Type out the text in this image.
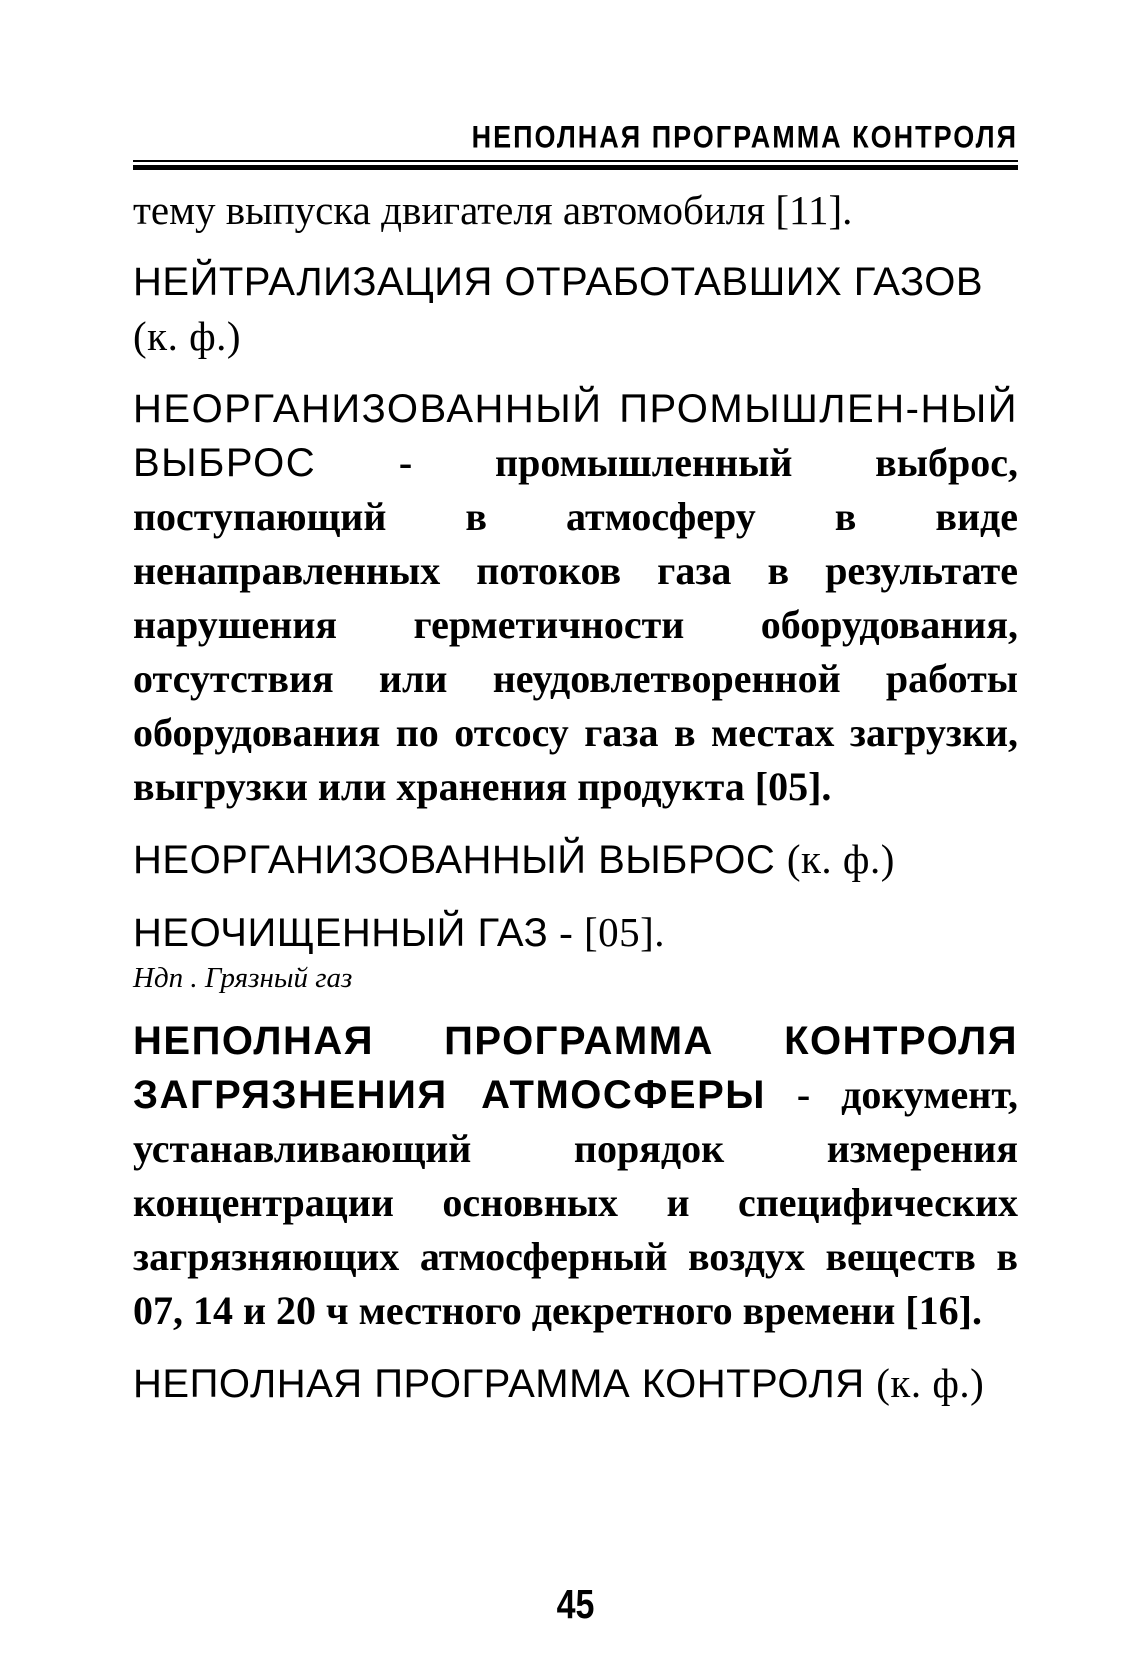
НЕПОЛНАЯ ПРОГРАММА КОНТРОЛЯ

тему выпуска двигателя автомобиля [11].

НЕЙТРАЛИЗАЦИЯ ОТРАБОТАВШИХ ГАЗОВ

(к. ф.)

НЕОРГАНИЗОВАННЫЙ ПРОМЫШЛЕН-НЫЙ ВЫБРОС - промышленный выброс, поступающий в атмосферу в виде ненаправленных потоков газа в результате нарушения герметичности оборудования, отсутствия или неудовлетворенной работы оборудования по отсосу газа в местах загрузки, выгрузки или хранения продукта [05].

НЕОРГАНИЗОВАННЫЙ ВЫБРОС (к. ф.)

НЕОЧИЩЕННЫЙ ГАЗ - [05].

Ндп . Грязный газ

НЕПОЛНАЯ ПРОГРАММА КОНТРОЛЯ ЗАГРЯЗНЕНИЯ АТМОСФЕРЫ - документ, устанавливающий порядок измерения концентрации основных и специфических загрязняющих атмосферный воздух веществ в 07, 14 и 20 ч местного декретного времени [16].

НЕПОЛНАЯ ПРОГРАММА КОНТРОЛЯ (к. ф.)

45
